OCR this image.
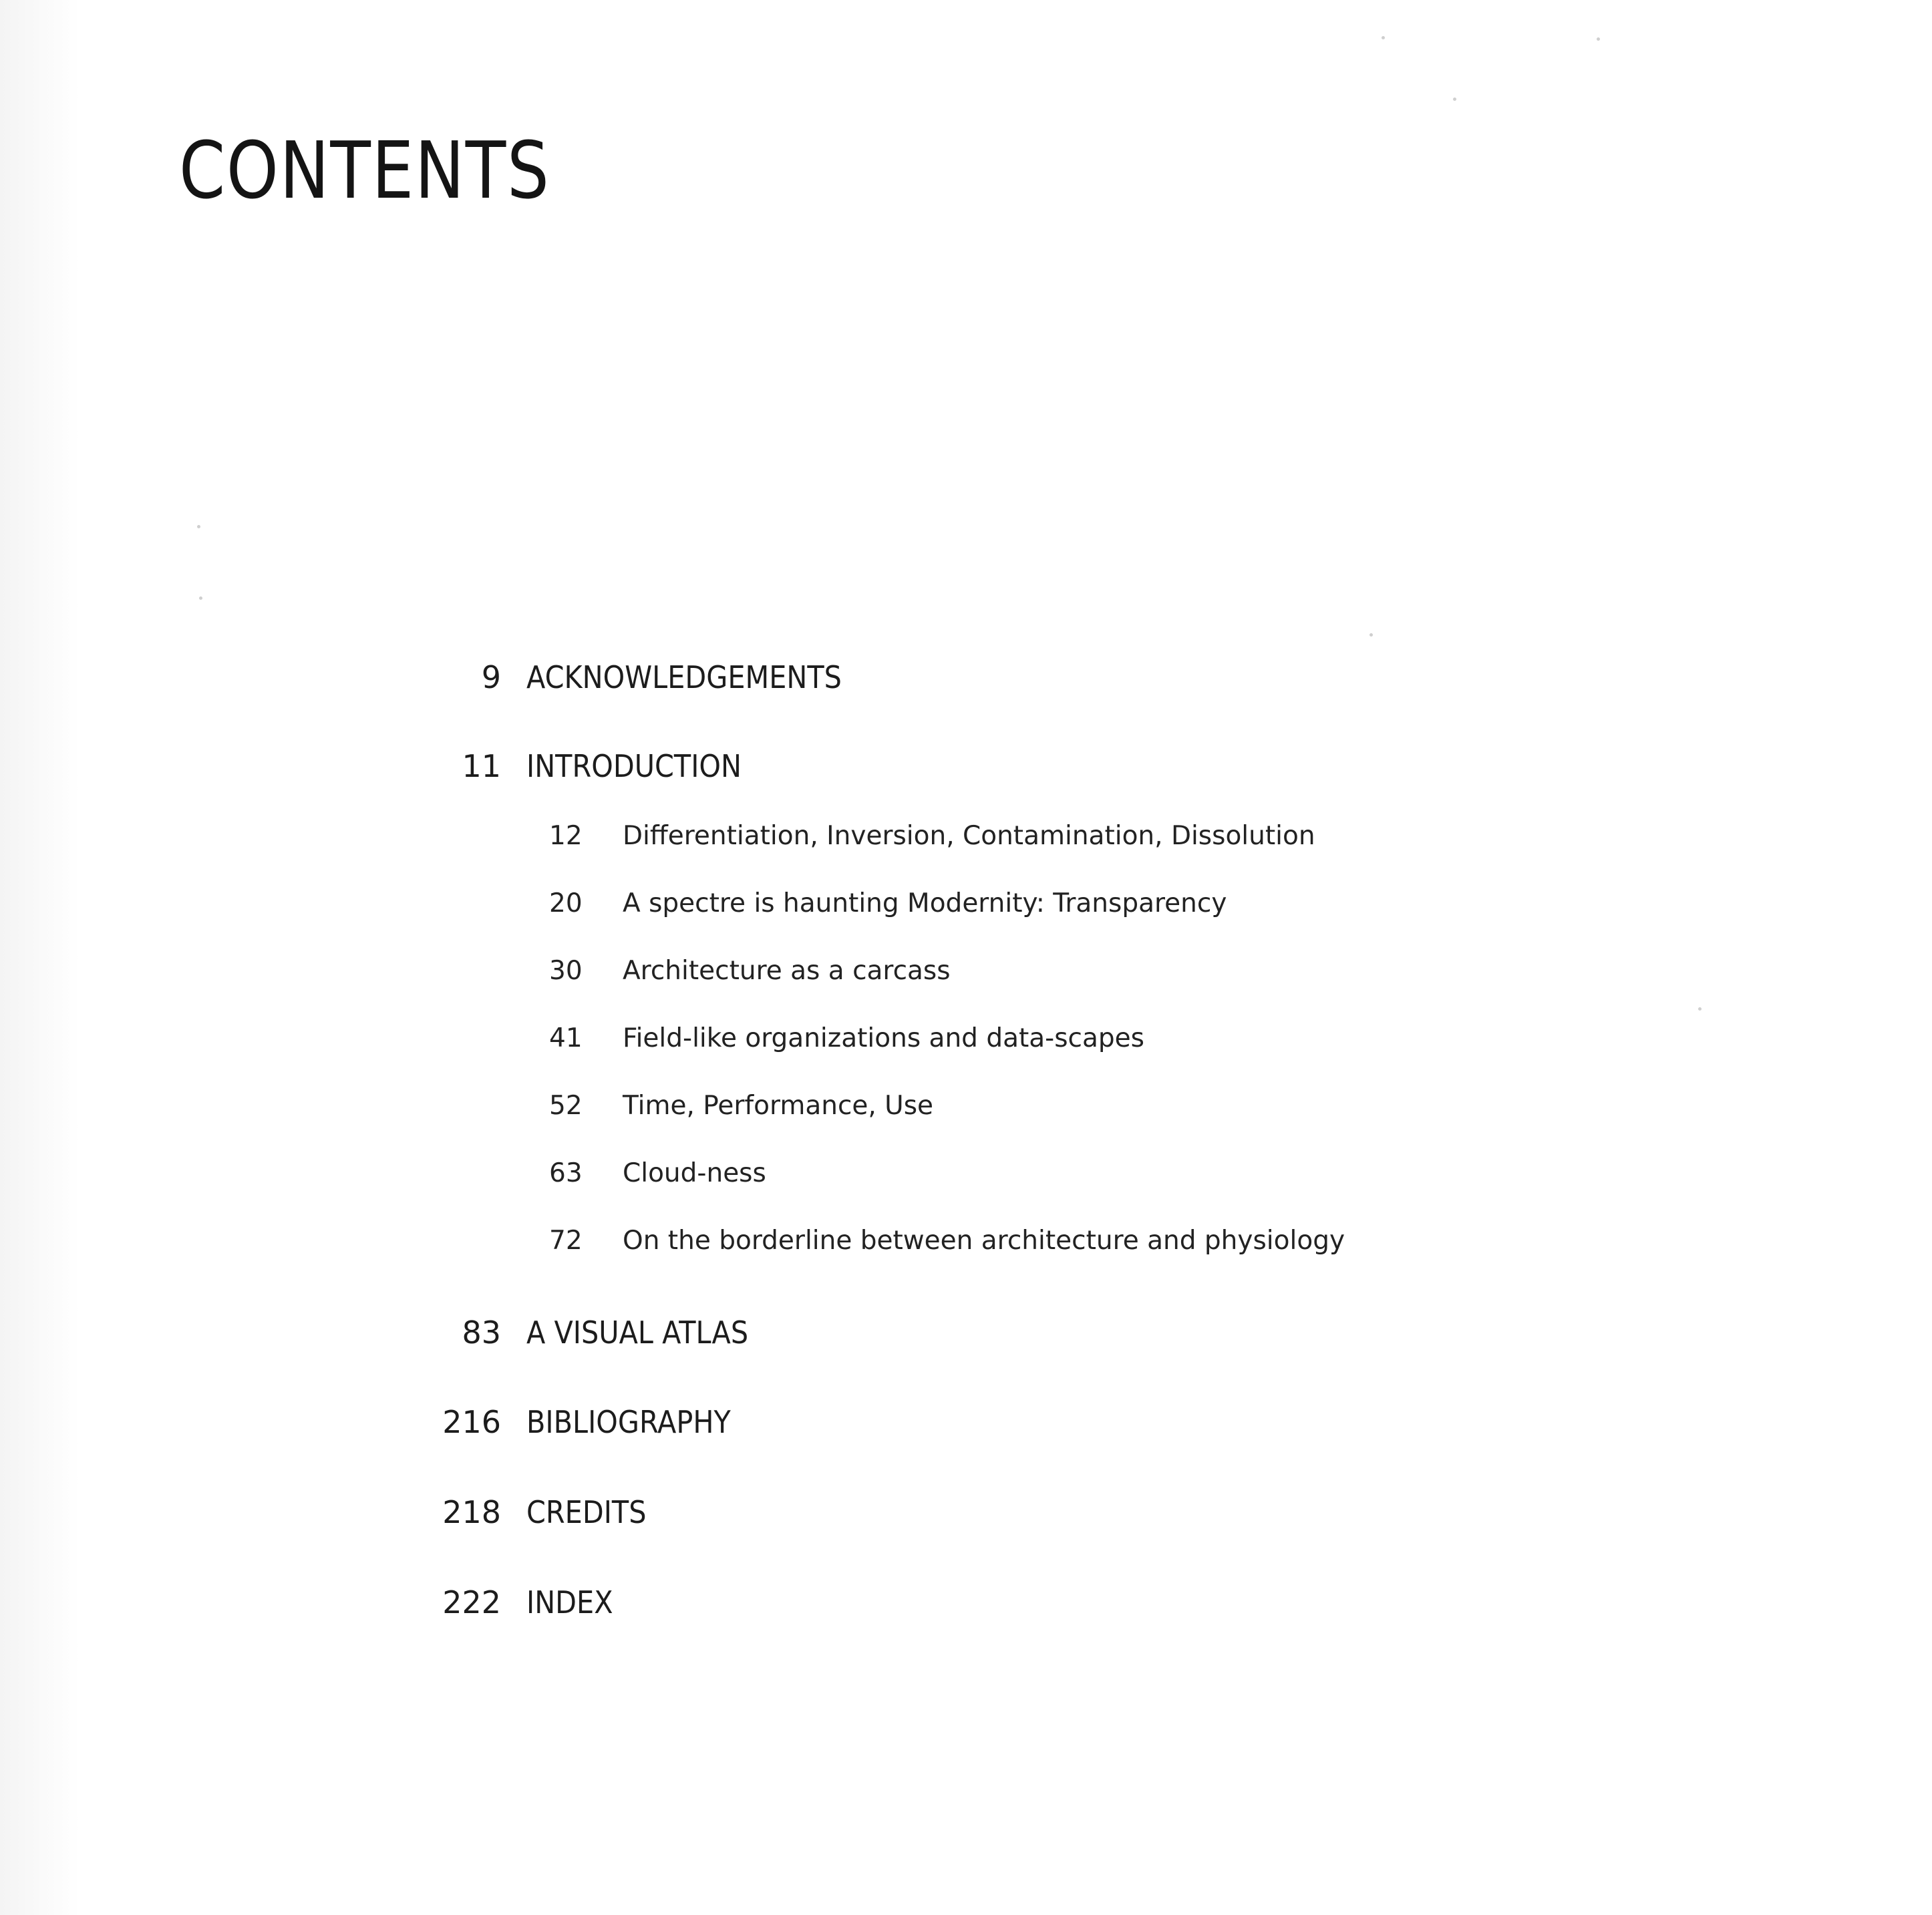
CONTENTS
9 ACKNOWLEDGEMENTS
11 INTRODUCTION
12 Differentiation, Inversion, Contamination, Dissolution
20 A spectre is haunting Modernity: Transparency
30 Architecture as a carcass
41 Field-like organizations and data-scapes
52 Time, Performance, Use
63 Cloud-ness
72 On the borderline between architecture and physiology
83 A VISUAL ATLAS
216 BIBLIOGRAPHY
218 CREDITS
222 INDEX
